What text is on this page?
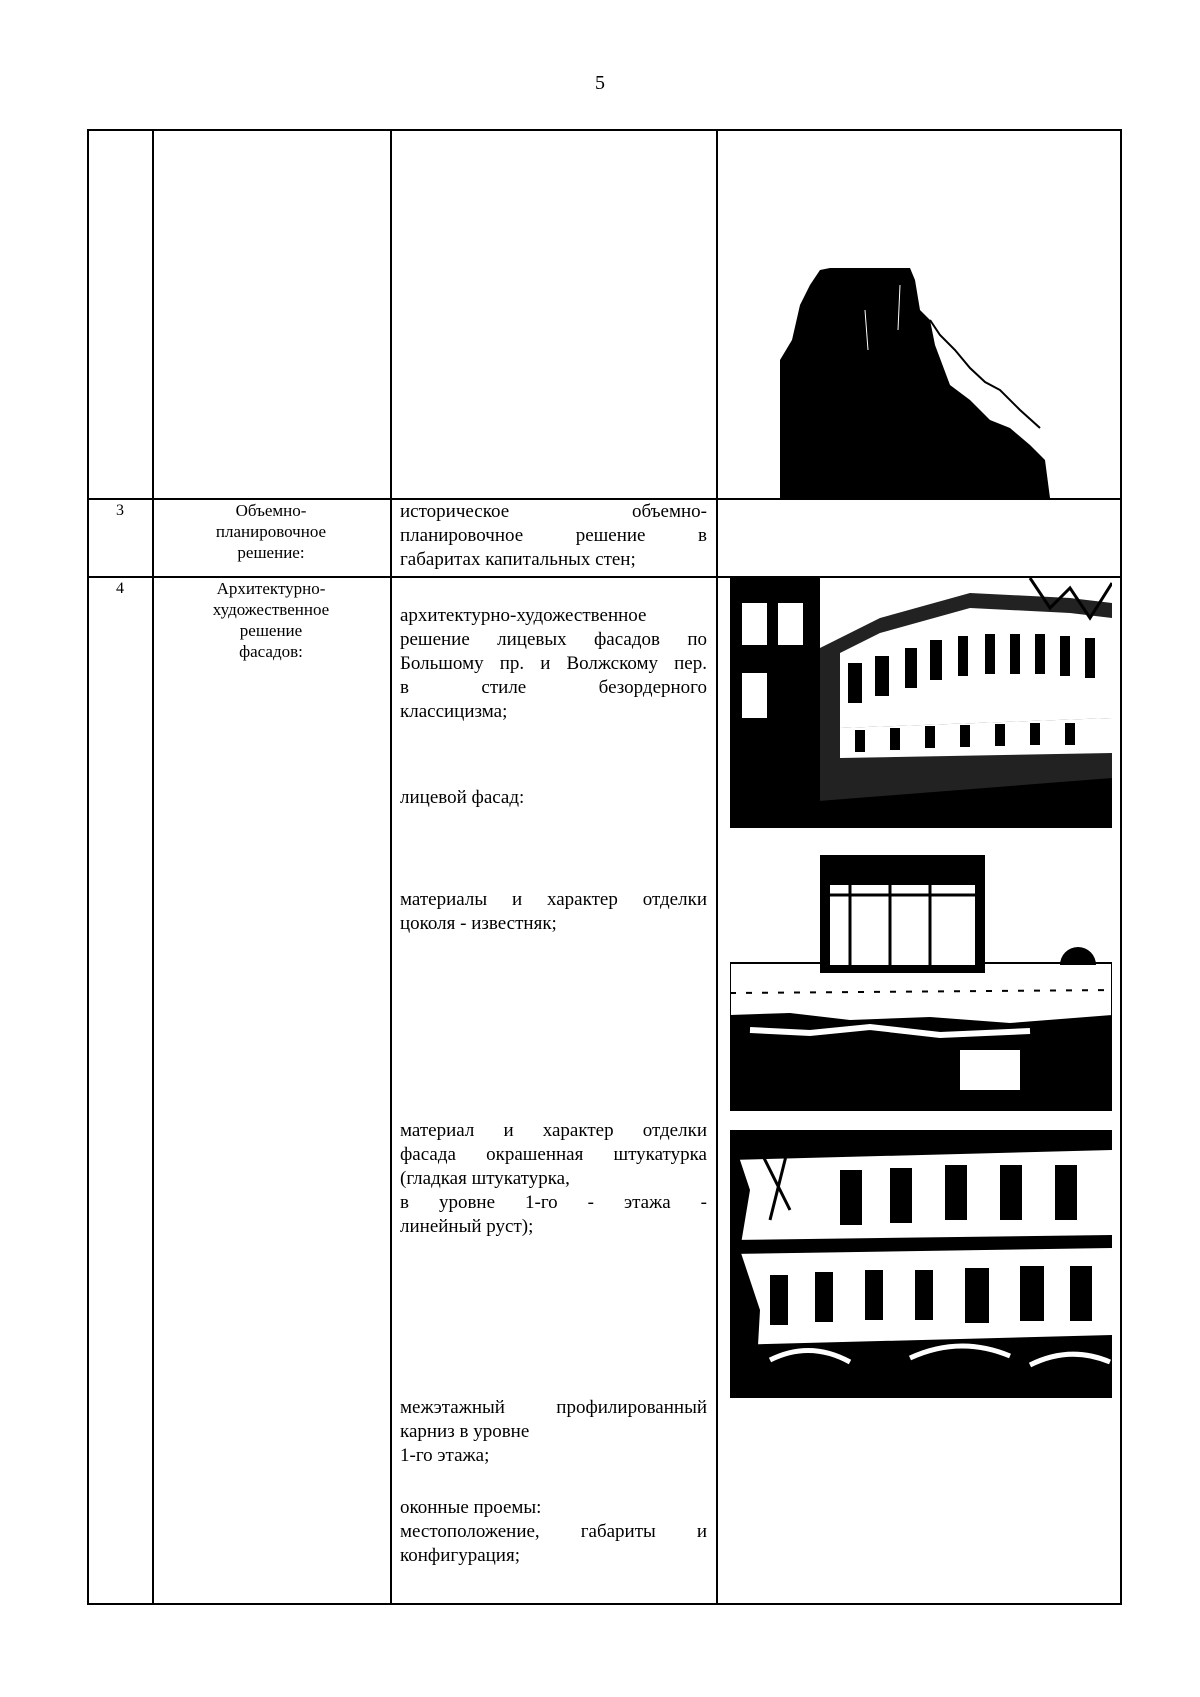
5
3	Объемно-
планировочное
решение:
историческое объемно-
планировочное решение в
габаритах капитальных стен;
4	Архитектурно-
художественное
решение
фасадов:
архитектурно-художественное
решение лицевых фасадов по
Большому пр. и Волжскому пер.
в стиле безордерного
классицизма;
лицевой фасад:
материалы и характер отделки
цоколя - известняк;
материал и характер отделки
фасада окрашенная штукатурка
(гладкая штукатурка,
в уровне 1-го - этажа -
линейный руст);
межэтажный профилированный
карниз в уровне
1-го этажа;
оконные проемы:
местоположение, габариты и
конфигурация;
